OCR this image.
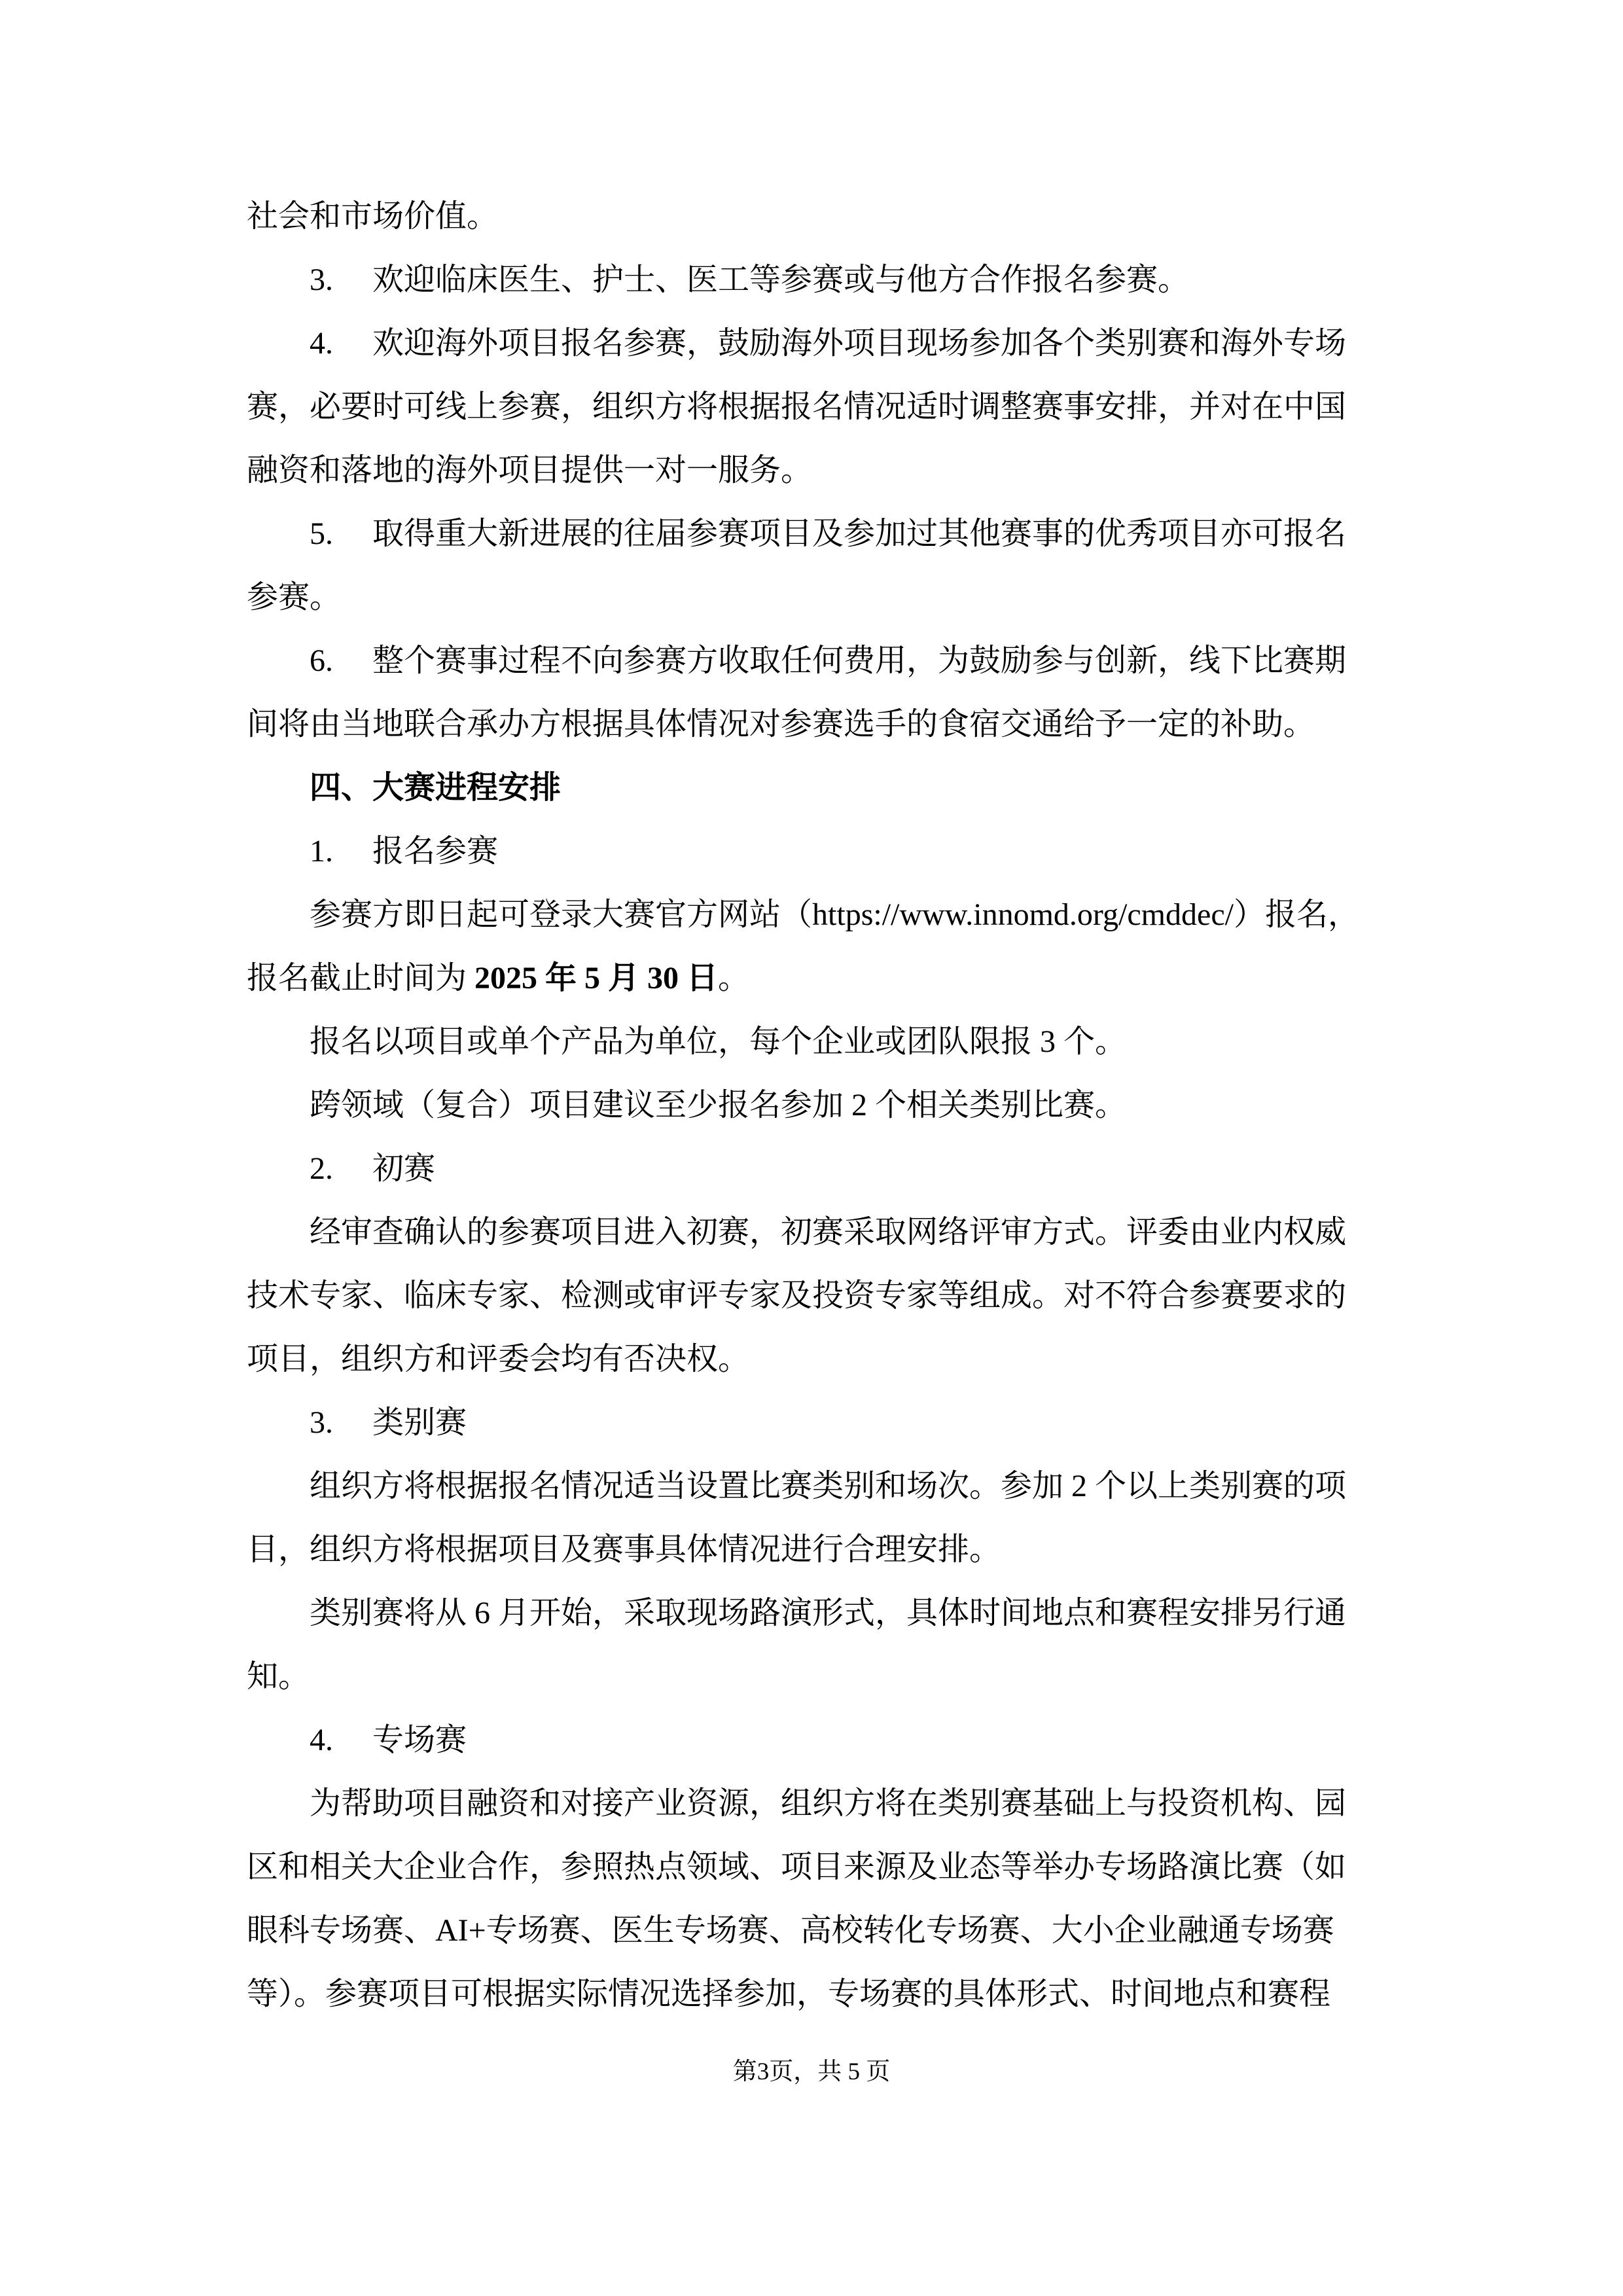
社会和市场价值。
3. 欢迎临床医生、护士、医工等参赛或与他方合作报名参赛。
4. 欢迎海外项目报名参赛，鼓励海外项目现场参加各个类别赛和海外专场
赛，必要时可线上参赛，组织方将根据报名情况适时调整赛事安排，并对在中国
融资和落地的海外项目提供一对一服务。
5. 取得重大新进展的往届参赛项目及参加过其他赛事的优秀项目亦可报名
参赛。
6. 整个赛事过程不向参赛方收取任何费用，为鼓励参与创新，线下比赛期
间将由当地联合承办方根据具体情况对参赛选手的食宿交通给予一定的补助。
四、大赛进程安排
1. 报名参赛
参赛方即日起可登录大赛官方网站（https://www.innomd.org/cmddec/）报名，
报名截止时间为 2025 年 5 月 30 日。
报名以项目或单个产品为单位，每个企业或团队限报 3 个。
跨领域（复合）项目建议至少报名参加 2 个相关类别比赛。
2. 初赛
经审查确认的参赛项目进入初赛，初赛采取网络评审方式。评委由业内权威
技术专家、临床专家、检测或审评专家及投资专家等组成。对不符合参赛要求的
项目，组织方和评委会均有否决权。
3. 类别赛
组织方将根据报名情况适当设置比赛类别和场次。参加 2 个以上类别赛的项
目，组织方将根据项目及赛事具体情况进行合理安排。
类别赛将从 6 月开始，采取现场路演形式，具体时间地点和赛程安排另行通
知。
4. 专场赛
为帮助项目融资和对接产业资源，组织方将在类别赛基础上与投资机构、园
区和相关大企业合作，参照热点领域、项目来源及业态等举办专场路演比赛（如
眼科专场赛、AI+专场赛、医生专场赛、高校转化专场赛、大小企业融通专场赛
等）。参赛项目可根据实际情况选择参加，专场赛的具体形式、时间地点和赛程
第3页，共 5 页
